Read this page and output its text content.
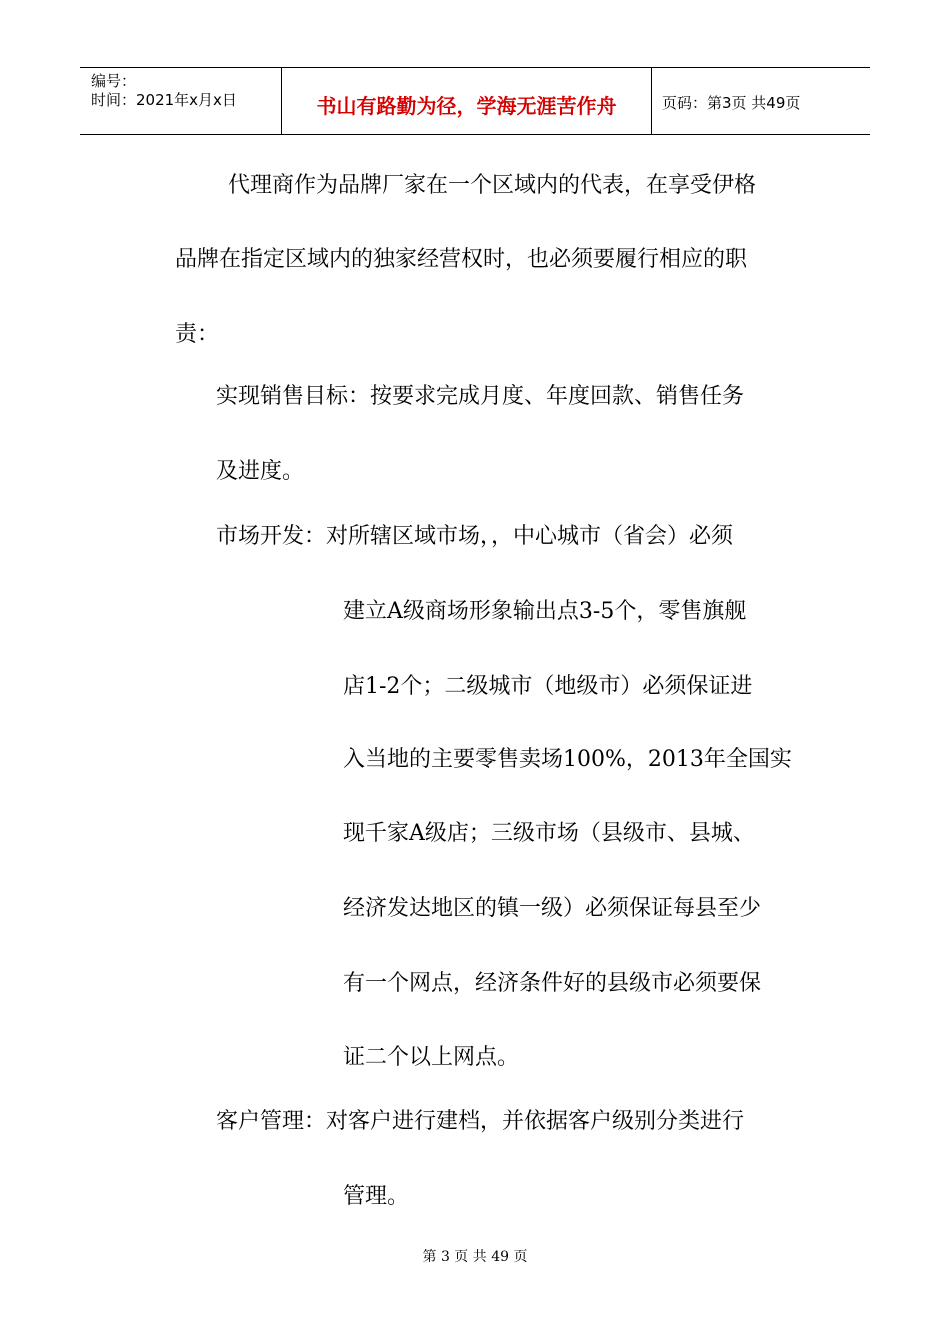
编号：
时间：2021年x月x日	书山有路勤为径，学海无涯苦作舟	页码：第3页 共49页
代理商作为品牌厂家在一个区域内的代表，在享受伊格
品牌在指定区域内的独家经营权时，也必须要履行相应的职
责：
实现销售目标：按要求完成月度、年度回款、销售任务
及进度。
市场开发：对所辖区域市场，，中心城市（省会）必须
建立A级商场形象输出点3-5个，零售旗舰
店1-2个；二级城市（地级市）必须保证进
入当地的主要零售卖场100%，2013年全国实
现千家A级店；三级市场（县级市、县城、
经济发达地区的镇一级）必须保证每县至少
有一个网点，经济条件好的县级市必须要保
证二个以上网点。
客户管理：对客户进行建档，并依据客户级别分类进行
管理。
第 3 页 共 49 页
